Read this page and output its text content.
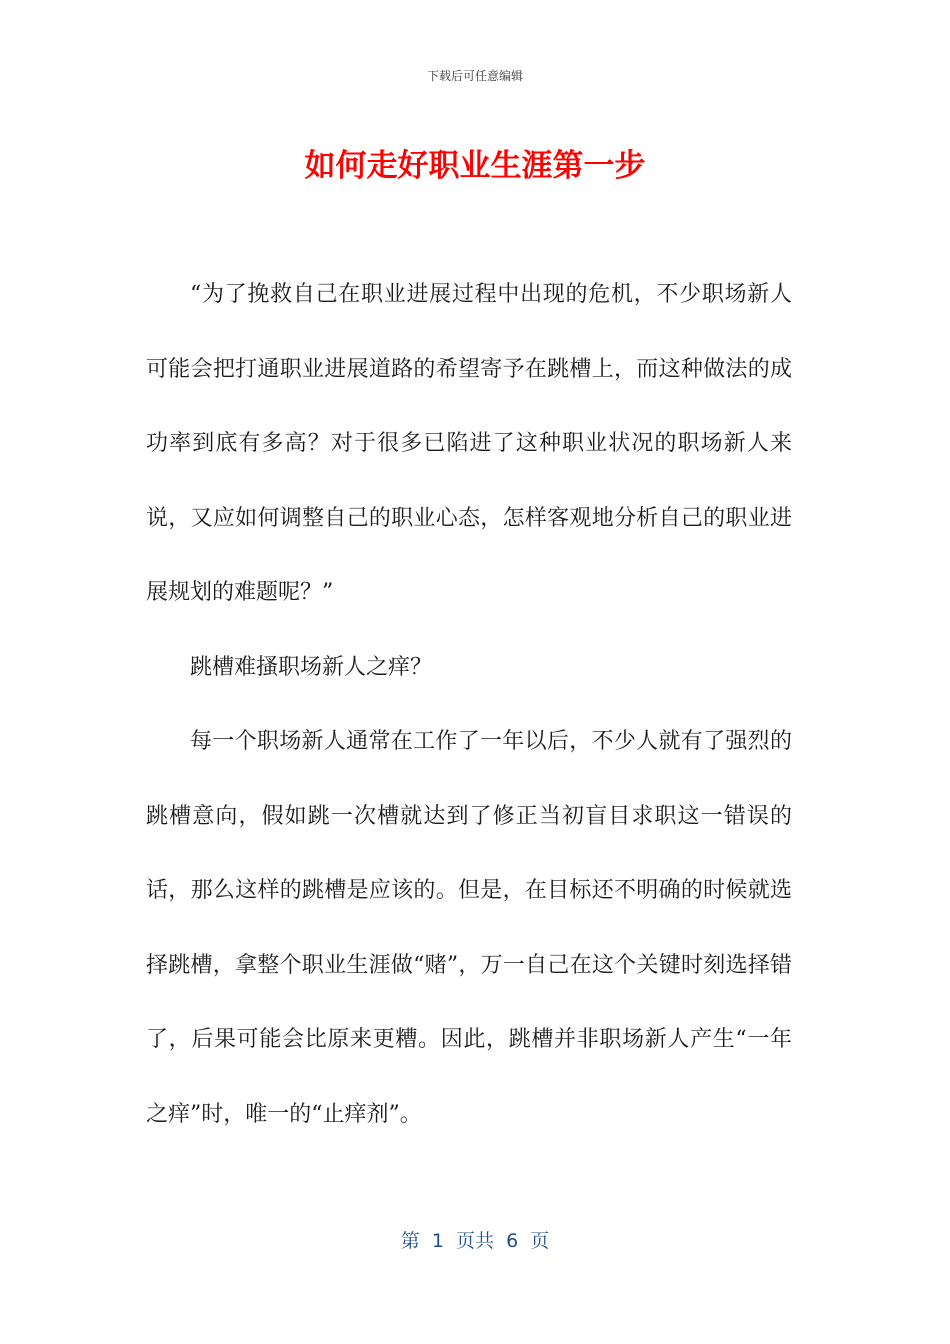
下载后可任意编辑
如何走好职业生涯第一步

“为了挽救自己在职业进展过程中出现的危机，不少职场新人可能会把打通职业进展道路的希望寄予在跳槽上，而这种做法的成功率到底有多高？对于很多已陷进了这种职业状况的职场新人来说，又应如何调整自己的职业心态，怎样客观地分析自己的职业进展规划的难题呢？”

跳槽难搔职场新人之痒？

每一个职场新人通常在工作了一年以后，不少人就有了强烈的跳槽意向，假如跳一次槽就达到了修正当初盲目求职这一错误的话，那么这样的跳槽是应该的。但是，在目标还不明确的时候就选择跳槽，拿整个职业生涯做“赌”，万一自己在这个关键时刻选择错了，后果可能会比原来更糟。因此，跳槽并非职场新人产生“一年之痒”时，唯一的“止痒剂”。

第  1  页共  6  页
